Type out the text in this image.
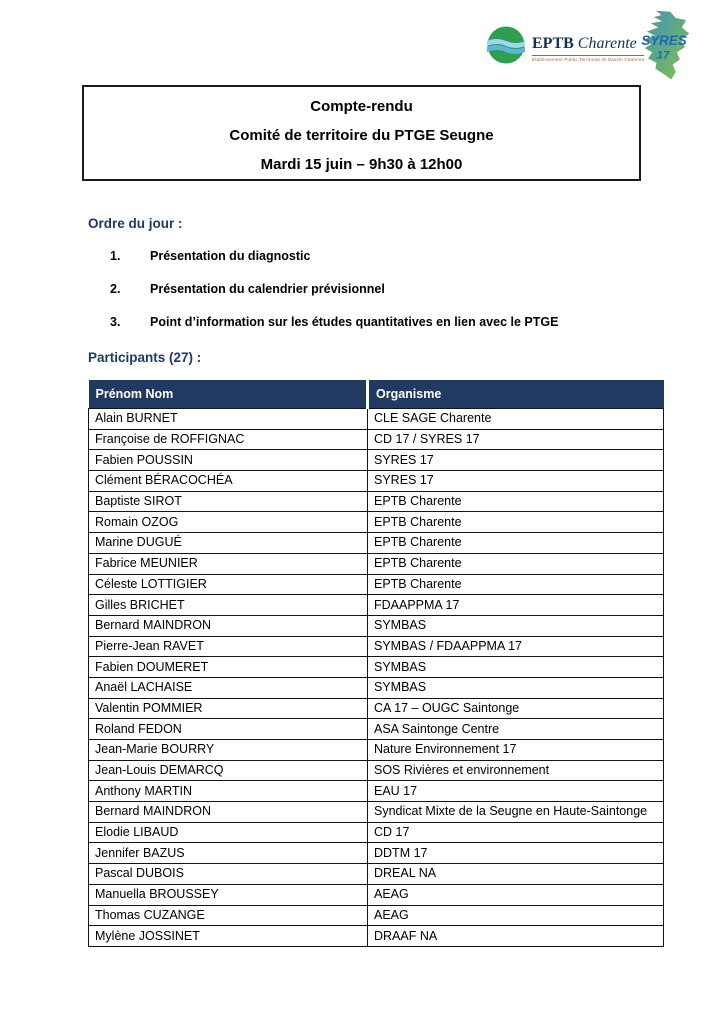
EPTB Charente
Établissement Public Territorial de Bassin Charente
SYRES
17
Compte-rendu
Comité de territoire du PTGE Seugne
Mardi 15 juin – 9h30 à 12h00
Ordre du jour :
1.	Présentation du diagnostic
2.	Présentation du calendrier prévisionnel
3.	Point d’information sur les études quantitatives en lien avec le PTGE
Participants (27) :
Prénom Nom	Organisme
Alain BURNET	CLE SAGE Charente
Françoise de ROFFIGNAC	CD 17 / SYRES 17
Fabien POUSSIN	SYRES 17
Clément BÉRACOCHÉA	SYRES 17
Baptiste SIROT	EPTB Charente
Romain OZOG	EPTB Charente
Marine DUGUÉ	EPTB Charente
Fabrice MEUNIER	EPTB Charente
Céleste LOTTIGIER	EPTB Charente
Gilles BRICHET	FDAAPPMA 17
Bernard MAINDRON	SYMBAS
Pierre-Jean RAVET	SYMBAS / FDAAPPMA 17
Fabien DOUMERET	SYMBAS
Anaël LACHAISE	SYMBAS
Valentin POMMIER	CA 17 – OUGC Saintonge
Roland FEDON	ASA Saintonge Centre
Jean-Marie BOURRY	Nature Environnement 17
Jean-Louis DEMARCQ	SOS Rivières et environnement
Anthony MARTIN	EAU 17
Bernard MAINDRON	Syndicat Mixte de la Seugne en Haute-Saintonge
Elodie LIBAUD	CD 17
Jennifer BAZUS	DDTM 17
Pascal DUBOIS	DREAL NA
Manuella BROUSSEY	AEAG
Thomas CUZANGE	AEAG
Mylène JOSSINET	DRAAF NA
